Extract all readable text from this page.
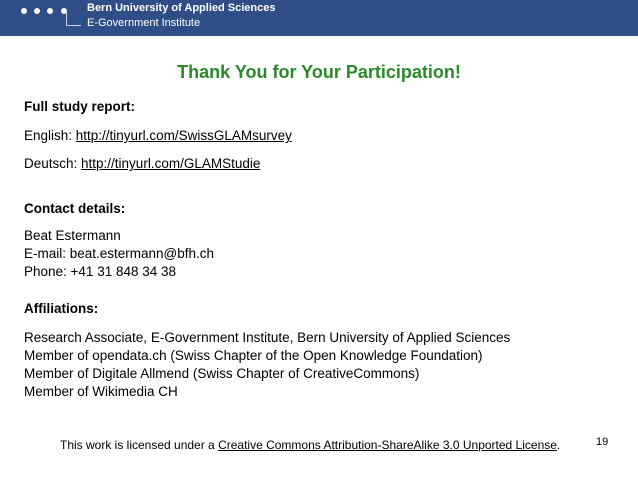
Bern University of Applied Sciences
E-Government Institute
Thank You for Your Participation!
Full study report:
English: http://tinyurl.com/SwissGLAMsurvey
Deutsch: http://tinyurl.com/GLAMStudie
Contact details:
Beat Estermann
E-mail: beat.estermann@bfh.ch
Phone: +41 31 848 34 38
Affiliations:
Research Associate, E-Government Institute, Bern University of Applied Sciences
Member of opendata.ch (Swiss Chapter of the Open Knowledge Foundation)
Member of Digitale Allmend (Swiss Chapter of CreativeCommons)
Member of Wikimedia CH
This work is licensed under a Creative Commons Attribution-ShareAlike 3.0 Unported License.	19
